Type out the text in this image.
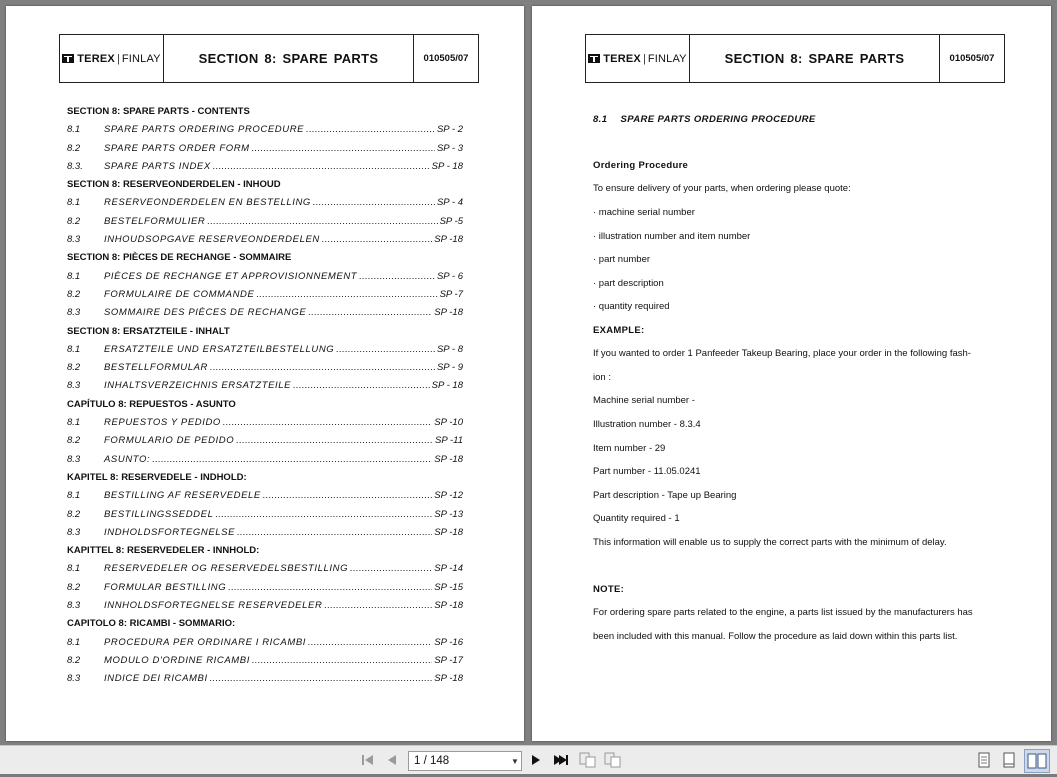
TEREX | FINLAY	SECTION 8: SPARE PARTS	010505/07
SECTION 8: SPARE PARTS - CONTENTS
8.1	SPARE PARTS ORDERING PROCEDURE .....	SP - 2
8.2	SPARE PARTS ORDER FORM .....	SP - 3
8.3.	SPARE PARTS INDEX .....	SP - 18
SECTION 8: RESERVEONDERDELEN - INHOUD
8.1	RESERVEONDERDELEN EN BESTELLING .....	SP - 4
8.2	BESTELFORMULIER .....	SP -5
8.3	INHOUDSOPGAVE RESERVEONDERDELEN .....	SP -18
SECTION 8: PIÈCES DE RECHANGE - SOMMAIRE
8.1	PIÈCES DE RECHANGE ET APPROVISIONNEMENT .....	SP - 6
8.2	FORMULAIRE DE COMMANDE .....	SP -7
8.3	SOMMAIRE DES PIÈCES DE RECHANGE .....	SP -18
SECTION 8: ERSATZTEILE - INHALT
8.1	ERSATZTEILE UND ERSATZTEILBESTELLUNG .....	SP - 8
8.2	BESTELLFORMULAR .....	SP - 9
8.3	INHALTSVERZEICHNIS ERSATZTEILE .....	SP - 18
CAPÍTULO 8: REPUESTOS - ASUNTO
8.1	REPUESTOS Y PEDIDO .....	SP -10
8.2	FORMULARIO DE PEDIDO .....	SP -11
8.3	ASUNTO: .....	SP -18
KAPITEL 8: RESERVEDELE - INDHOLD:
8.1	BESTILLING AF RESERVEDELE .....	SP -12
8.2	BESTILLINGSSEDDEL .....	SP -13
8.3	INDHOLDSFORTEGNELSE .....	SP -18
KAPITTEL 8: RESERVEDELER - INNHOLD:
8.1	RESERVEDELER OG RESERVEDELSBESTILLING .....	SP -14
8.2	FORMULAR BESTILLING .....	SP -15
8.3	INNHOLDSFORTEGNELSE RESERVEDELER .....	SP -18
CAPITOLO 8: RICAMBI - SOMMARIO:
8.1	PROCEDURA PER ORDINARE I RICAMBI .....	SP -16
8.2	MODULO D'ORDINE RICAMBI .....	SP -17
8.3	INDICE DEI RICAMBI .....	SP -18
TEREX | FINLAY	SECTION 8: SPARE PARTS	010505/07
8.1 SPARE PARTS ORDERING PROCEDURE
Ordering Procedure
To ensure delivery of your parts, when ordering please quote:
· machine serial number
· illustration number and item number
· part number
· part description
· quantity required
EXAMPLE:
If you wanted to order 1 Panfeeder Takeup Bearing, place your order in the following fash-
ion :
Machine serial number -
Illustration number - 8.3.4
Item number - 29
Part number - 11.05.0241
Part description - Tape up Bearing
Quantity required - 1
This information will enable us to supply the correct parts with the minimum of delay.
NOTE:
For ordering spare parts related to the engine, a parts list issued by the manufacturers has
been included with this manual. Follow the procedure as laid down within this parts list.
1 / 148	▼
